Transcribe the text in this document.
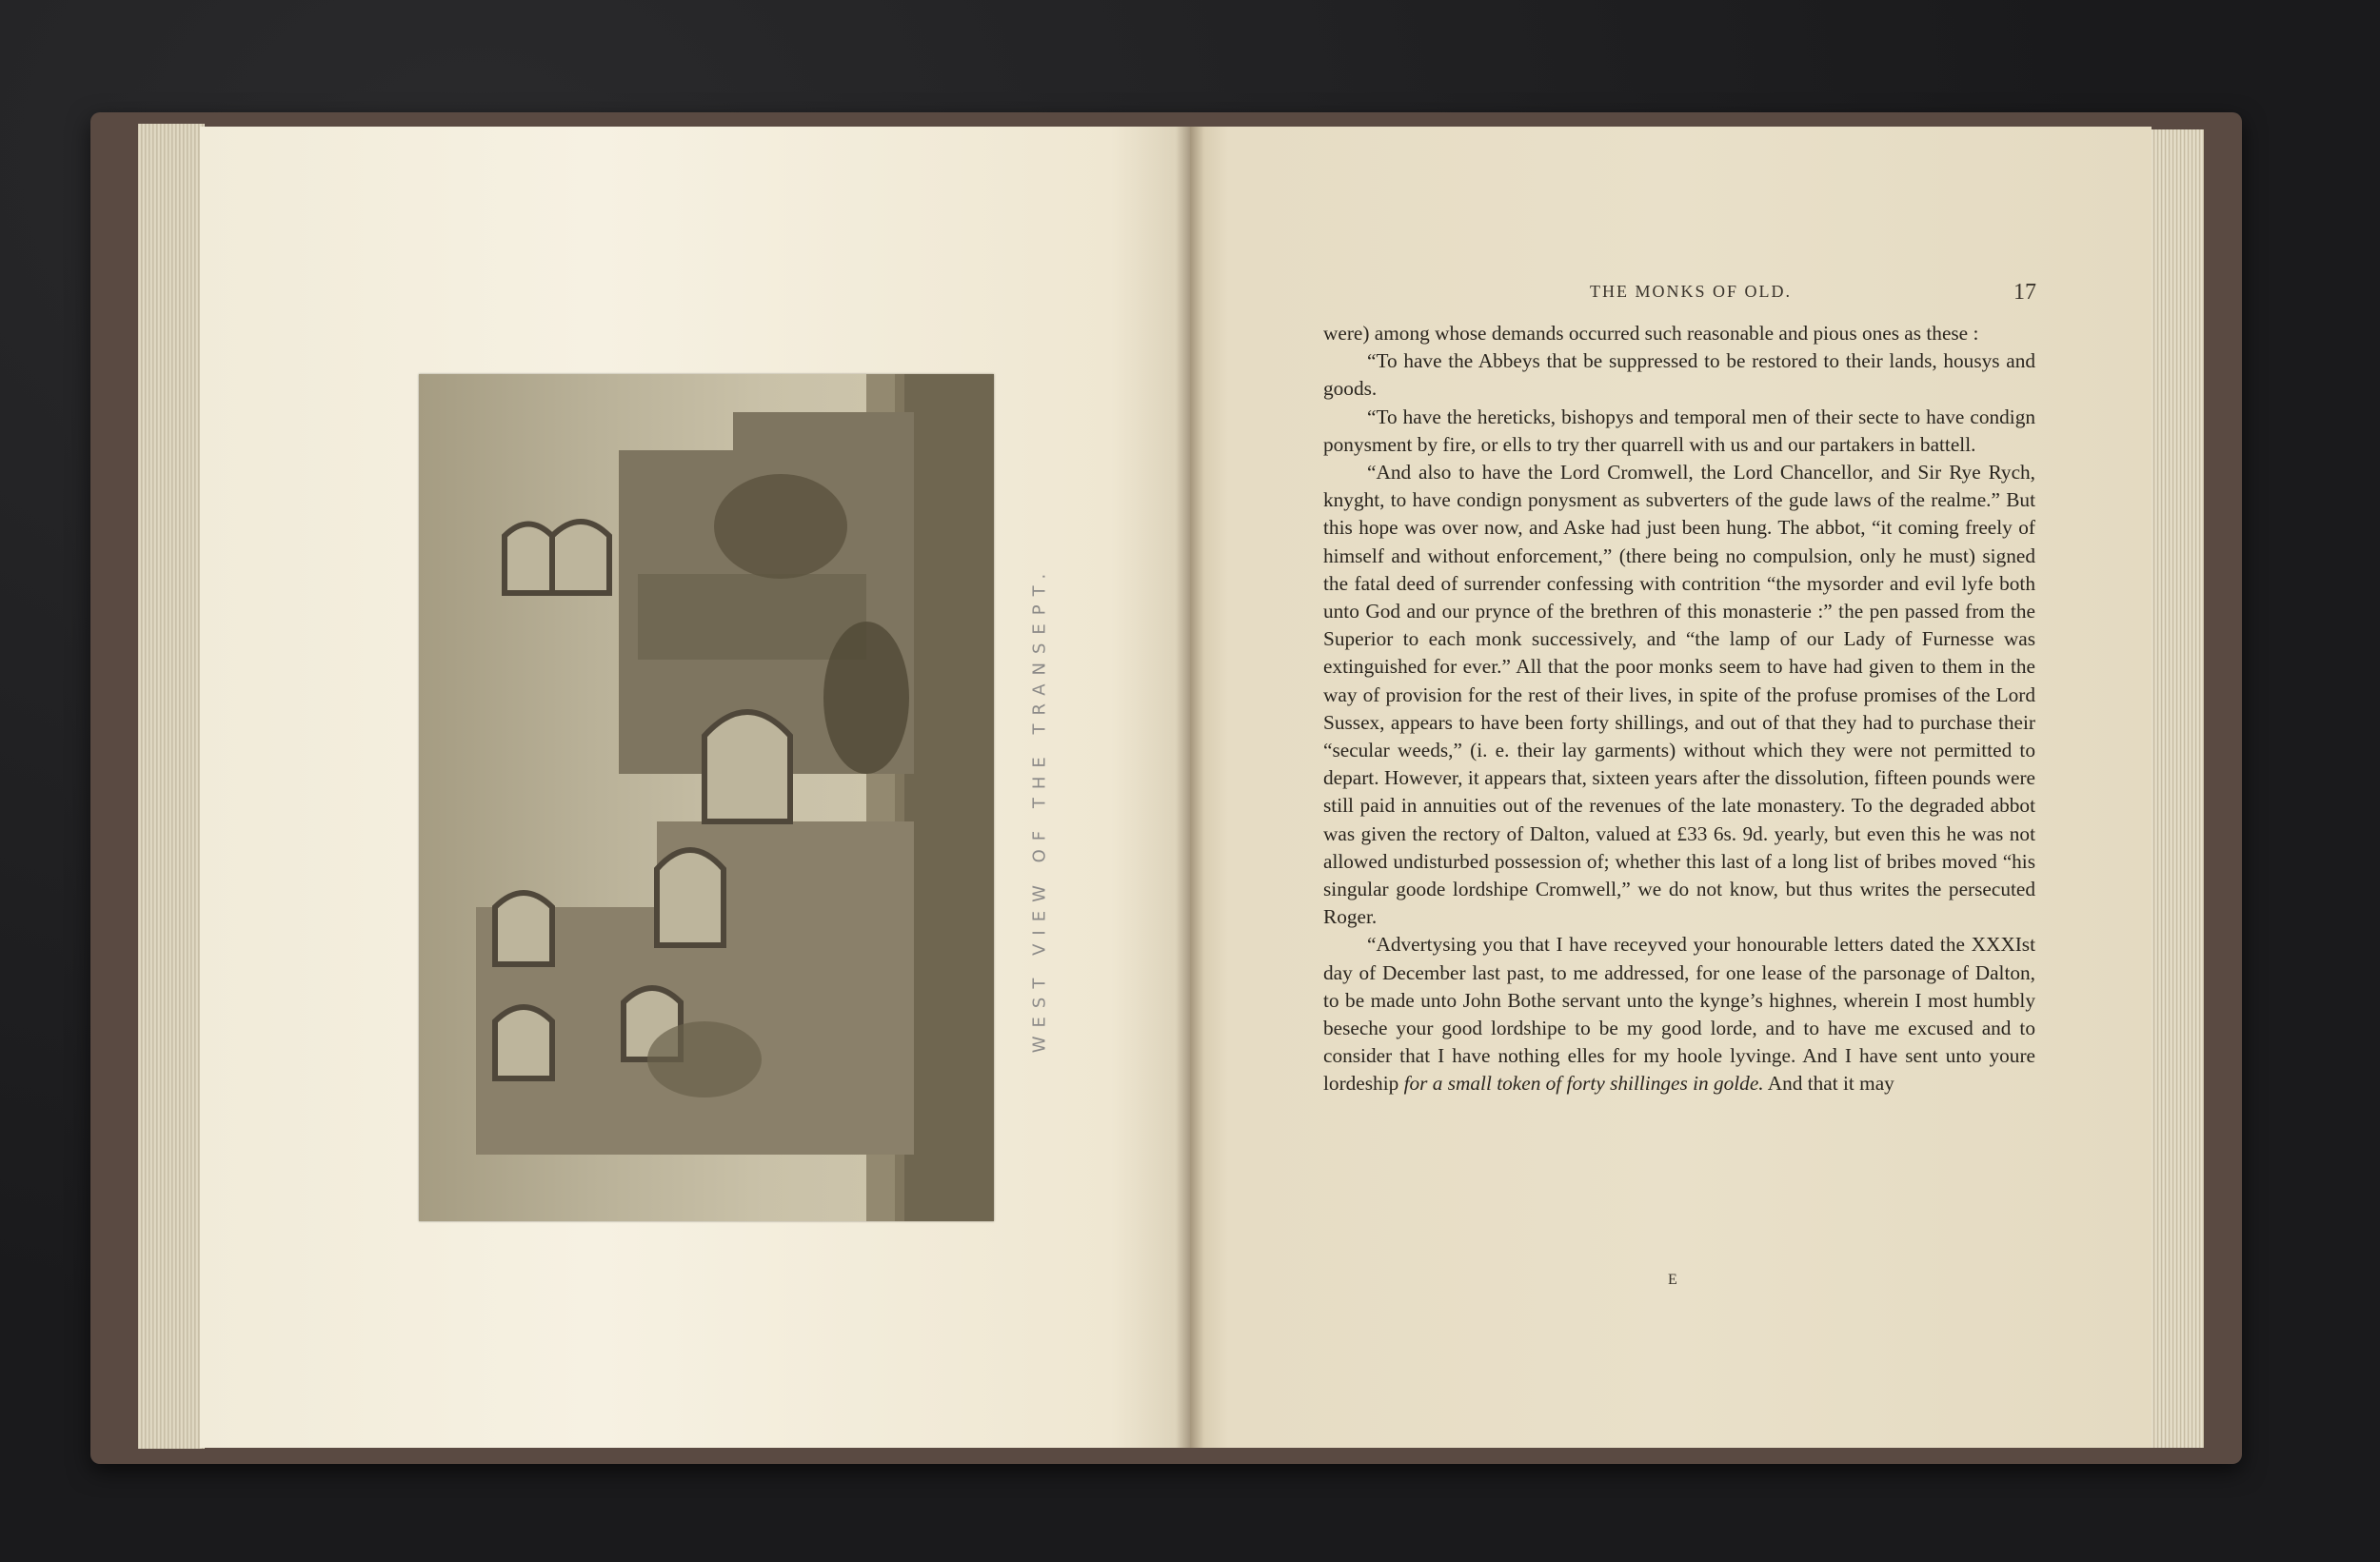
WEST VIEW OF THE TRANSEPT.
THE MONKS OF OLD.	17

were) among whose demands occurred such reasonable and pious ones as these :

“To have the Abbeys that be suppressed to be restored to their lands, housys and goods.

“To have the hereticks, bishopys and temporal men of their secte to have condign ponysment by fire, or ells to try ther quarrell with us and our partakers in battell.

“And also to have the Lord Cromwell, the Lord Chancellor, and Sir Rye Rych, knyght, to have condign ponysment as subverters of the gude laws of the realme.” But this hope was over now, and Aske had just been hung. The abbot, “it coming freely of himself and without enforcement,” (there being no compulsion, only he must) signed the fatal deed of surrender confessing with contrition “the mysorder and evil lyfe both unto God and our prynce of the brethren of this monasterie :” the pen passed from the Superior to each monk successively, and “the lamp of our Lady of Furnesse was extinguished for ever.” All that the poor monks seem to have had given to them in the way of provision for the rest of their lives, in spite of the profuse promises of the Lord Sussex, appears to have been forty shillings, and out of that they had to purchase their “secular weeds,” (i. e. their lay garments) without which they were not permitted to depart. However, it appears that, sixteen years after the dissolution, fifteen pounds were still paid in annuities out of the revenues of the late monastery. To the degraded abbot was given the rectory of Dalton, valued at £33 6s. 9d. yearly, but even this he was not allowed undisturbed possession of; whether this last of a long list of bribes moved “his singular goode lordshipe Cromwell,” we do not know, but thus writes the persecuted Roger.

“Advertysing you that I have receyved your honourable letters dated the XXXIst day of December last past, to me addressed, for one lease of the parsonage of Dalton, to be made unto John Bothe servant unto the kynge’s highnes, wherein I most humbly beseche your good lordshipe to be my good lorde, and to have me excused and to consider that I have nothing elles for my hoole lyvinge. And I have sent unto youre lordeship for a small token of forty shillinges in golde. And that it may

E
